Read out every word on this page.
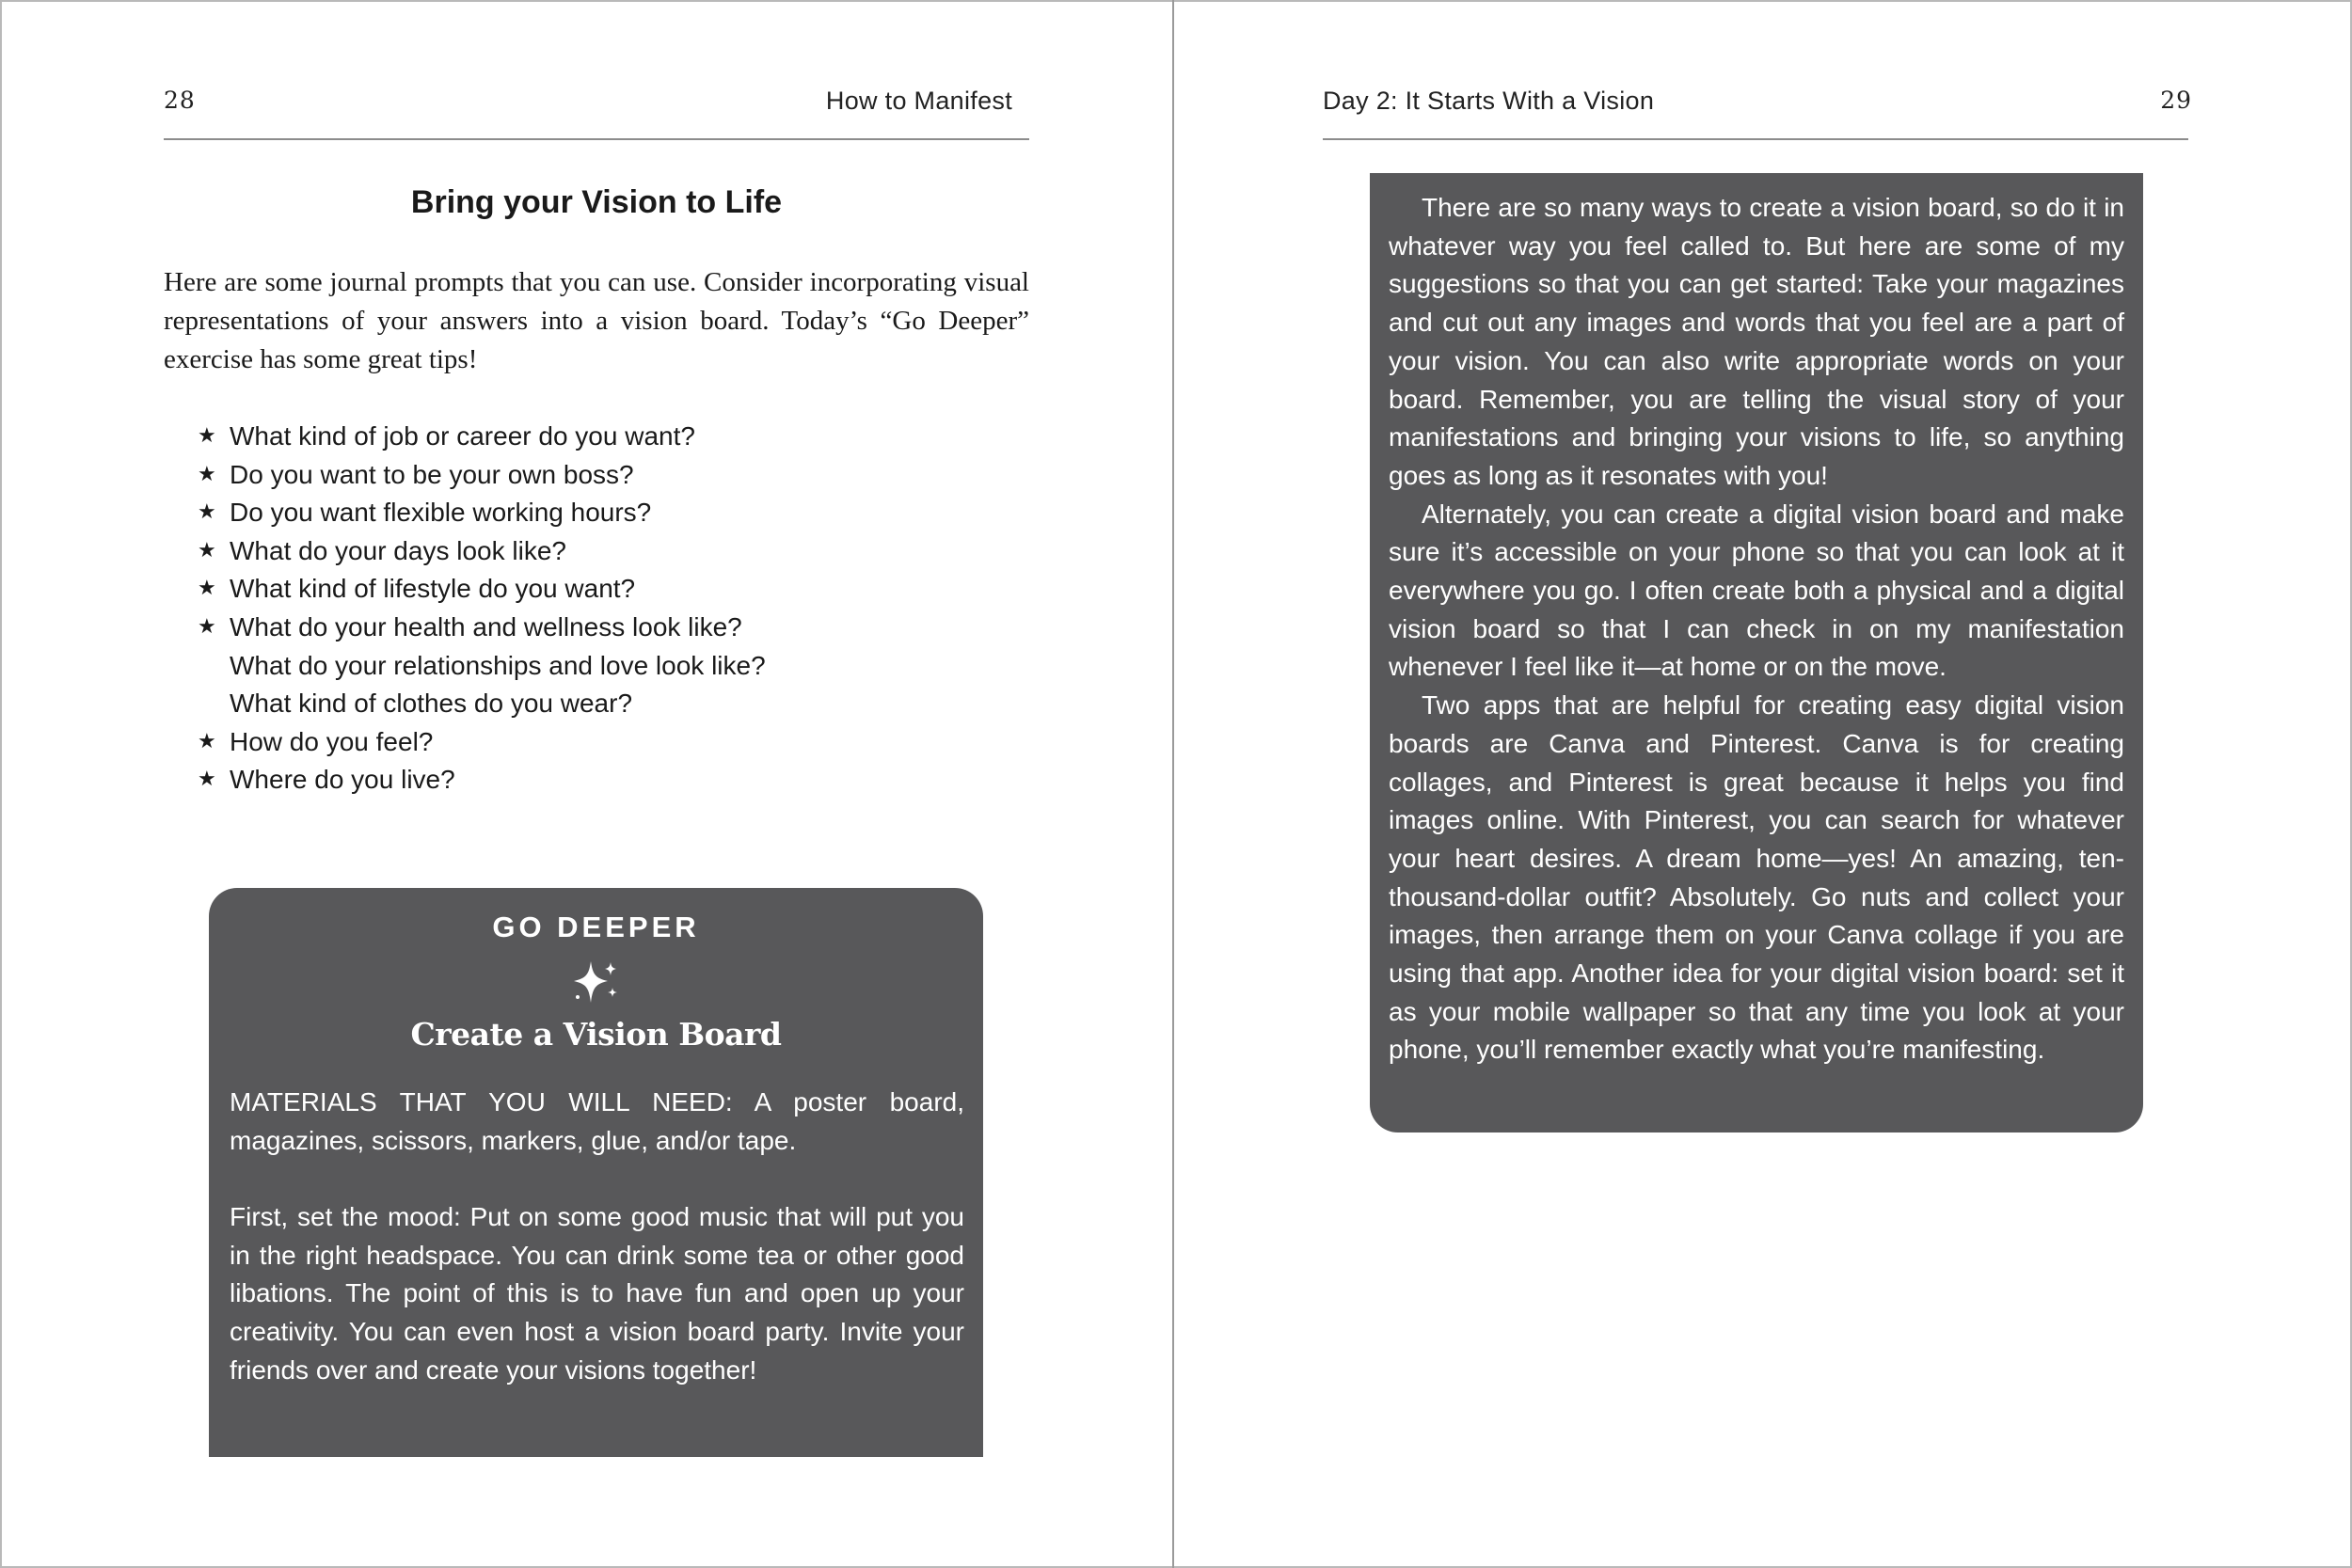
28	How to Manifest
Bring your Vision to Life

Here are some journal prompts that you can use. Consider incorporating visual representations of your answers into a vision board. Today’s “Go Deeper” exercise has some great tips!

★ What kind of job or career do you want?
★ Do you want to be your own boss?
★ Do you want flexible working hours?
★ What do your days look like?
★ What kind of lifestyle do you want?
★ What do your health and wellness look like?
What do your relationships and love look like?
What kind of clothes do you wear?
★ How do you feel?
★ Where do you live?
GO DEEPER
Create a Vision Board

MATERIALS THAT YOU WILL NEED: A poster board, magazines, scissors, markers, glue, and/or tape.

First, set the mood: Put on some good music that will put you in the right headspace. You can drink some tea or other good libations. The point of this is to have fun and open up your creativity. You can even host a vision board party. Invite your friends over and create your visions together!

Day 2: It Starts With a Vision	29

There are so many ways to create a vision board, so do it in whatever way you feel called to. But here are some of my suggestions so that you can get started: Take your magazines and cut out any images and words that you feel are a part of your vision. You can also write appropriate words on your board. Remember, you are telling the visual story of your manifestations and bringing your visions to life, so anything goes as long as it resonates with you!

Alternately, you can create a digital vision board and make sure it’s accessible on your phone so that you can look at it everywhere you go. I often create both a physical and a digital vision board so that I can check in on my manifestation whenever I feel like it—at home or on the move.

Two apps that are helpful for creating easy digital vision boards are Canva and Pinterest. Canva is for creating collages, and Pinterest is great because it helps you find images online. With Pinterest, you can search for whatever your heart desires. A dream home—yes! An amazing, ten-thousand-dollar outfit? Absolutely. Go nuts and collect your images, then arrange them on your Canva collage if you are using that app. Another idea for your digital vision board: set it as your mobile wallpaper so that any time you look at your phone, you’ll remember exactly what you’re manifesting.
